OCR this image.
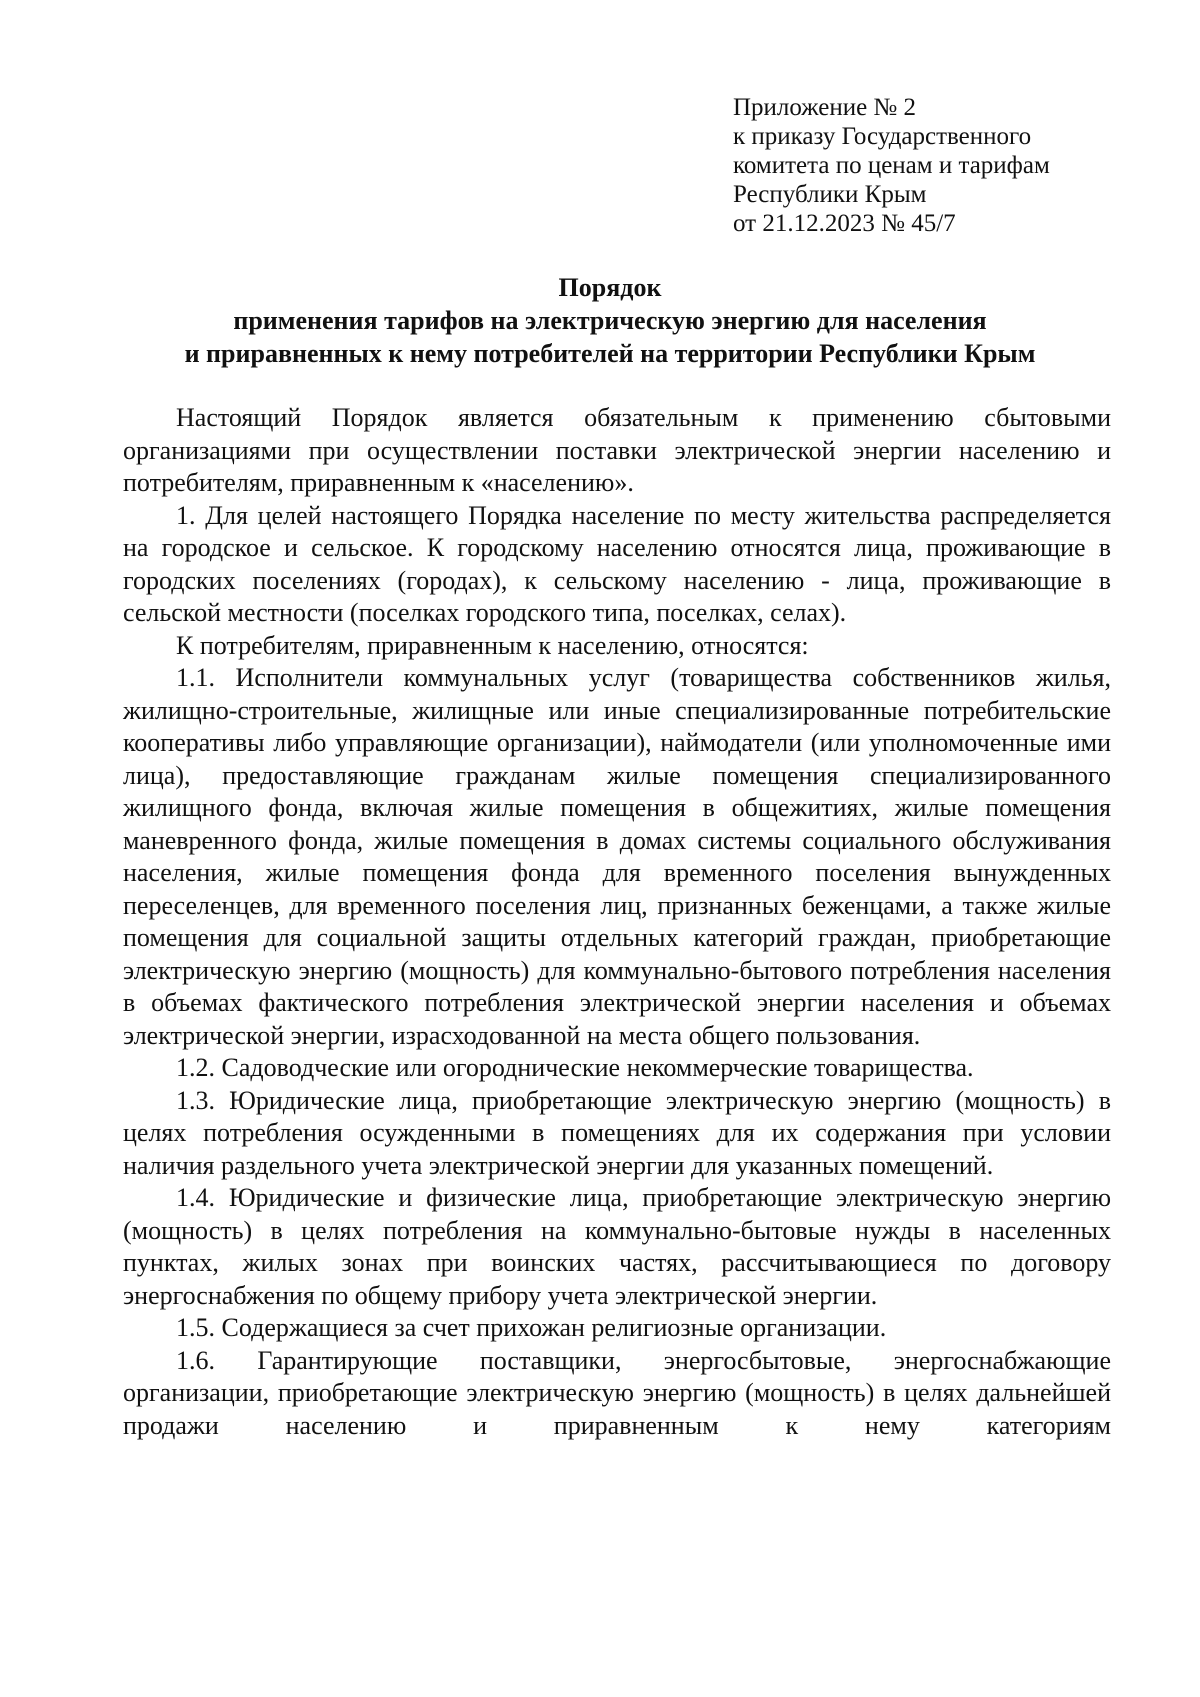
Приложение № 2
к приказу Государственного
комитета по ценам и тарифам
Республики Крым
от 21.12.2023 № 45/7
Порядок
применения тарифов на электрическую энергию для населения
и приравненных к нему потребителей на территории Республики Крым

Настоящий Порядок является обязательным к применению сбытовыми организациями при осуществлении поставки электрической энергии населению и потребителям, приравненным к «населению».

1. Для целей настоящего Порядка население по месту жительства распределяется на городское и сельское. К городскому населению относятся лица, проживающие в городских поселениях (городах), к сельскому населению - лица, проживающие в сельской местности (поселках городского типа, поселках, селах).

К потребителям, приравненным к населению, относятся:

1.1. Исполнители коммунальных услуг (товарищества собственников жилья, жилищно-строительные, жилищные или иные специализированные потребительские кооперативы либо управляющие организации), наймодатели (или уполномоченные ими лица), предоставляющие гражданам жилые помещения специализированного жилищного фонда, включая жилые помещения в общежитиях, жилые помещения маневренного фонда, жилые помещения в домах системы социального обслуживания населения, жилые помещения фонда для временного поселения вынужденных переселенцев, для временного поселения лиц, признанных беженцами, а также жилые помещения для социальной защиты отдельных категорий граждан, приобретающие электрическую энергию (мощность) для коммунально-бытового потребления населения в объемах фактического потребления электрической энергии населения и объемах электрической энергии, израсходованной на места общего пользования.

1.2. Садоводческие или огороднические некоммерческие товарищества.

1.3. Юридические лица, приобретающие электрическую энергию (мощность) в целях потребления осужденными в помещениях для их содержания при условии наличия раздельного учета электрической энергии для указанных помещений.

1.4. Юридические и физические лица, приобретающие электрическую энергию (мощность) в целях потребления на коммунально-бытовые нужды в населенных пунктах, жилых зонах при воинских частях, рассчитывающиеся по договору энергоснабжения по общему прибору учета электрической энергии.

1.5. Содержащиеся за счет прихожан религиозные организации.

1.6. Гарантирующие поставщики, энергосбытовые, энергоснабжающие организации, приобретающие электрическую энергию (мощность) в целях дальнейшей продажи населению и приравненным к нему категориям
